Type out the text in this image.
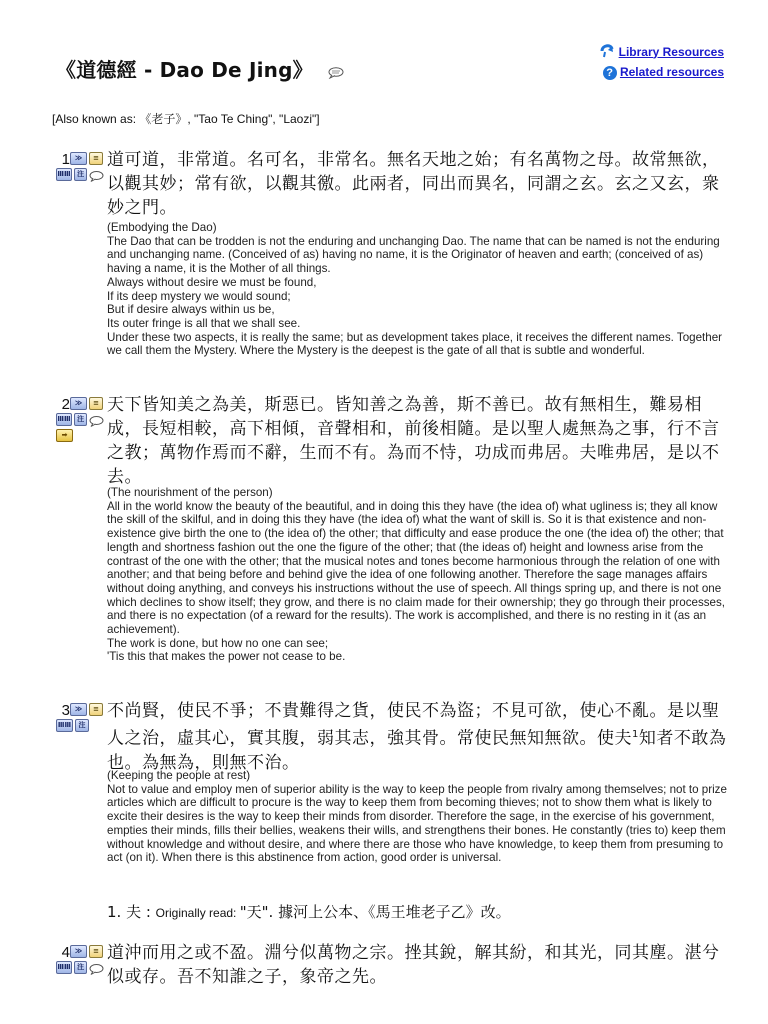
《道德經 - Dao De Jing》
Library Resources
? Related resources
[Also known as: 《老子》, "Tao Te Ching", "Laozi"]
1 ≫	≡
ⅢⅢ 注
道可道，非常道。名可名，非常名。無名天地之始；有名萬物之母。故常無欲，以觀其妙；常有欲，以觀其徼。此兩者，同出而異名，同謂之玄。玄之又玄，衆妙之門。

(Embodying the Dao)

The Dao that can be trodden is not the enduring and unchanging Dao. The name that can be named is not the enduring and unchanging name. (Conceived of as) having no name, it is the Originator of heaven and earth; (conceived of as) having a name, it is the Mother of all things.

Always without desire we must be found,

If its deep mystery we would sound;

But if desire always within us be,

Its outer fringe is all that we shall see.

Under these two aspects, it is really the same; but as development takes place, it receives the different names. Together we call them the Mystery. Where the Mystery is the deepest is the gate of all that is subtle and wonderful.

2 ≫	≡
ⅢⅢ 注
➡
天下皆知美之為美，斯惡已。皆知善之為善，斯不善已。故有無相生，難易相成，長短相較，高下相傾，音聲相和，前後相隨。是以聖人處無為之事，行不言之教；萬物作焉而不辭，生而不有。為而不恃，功成而弗居。夫唯弗居，是以不去。

(The nourishment of the person)

All in the world know the beauty of the beautiful, and in doing this they have (the idea of) what ugliness is; they all know the skill of the skilful, and in doing this they have (the idea of) what the want of skill is. So it is that existence and non-existence give birth the one to (the idea of) the other; that difficulty and ease produce the one (the idea of) the other; that length and shortness fashion out the one the figure of the other; that (the ideas of) height and lowness arise from the contrast of the one with the other; that the musical notes and tones become harmonious through the relation of one with another; and that being before and behind give the idea of one following another. Therefore the sage manages affairs without doing anything, and conveys his instructions without the use of speech. All things spring up, and there is not one which declines to show itself; they grow, and there is no claim made for their ownership; they go through their processes, and there is no expectation (of a reward for the results). The work is accomplished, and there is no resting in it (as an achievement).

The work is done, but how no one can see;

'Tis this that makes the power not cease to be.

3 ≫	≡
ⅢⅢ	注
不尚賢，使民不爭；不貴難得之貨，使民不為盜；不見可欲，使心不亂。是以聖人之治，虛其心，實其腹，弱其志，強其骨。常使民無知無欲。使夫$^1$知者不敢為也。為無為，則無不治。

(Keeping the people at rest)

Not to value and employ men of superior ability is the way to keep the people from rivalry among themselves; not to prize articles which are difficult to procure is the way to keep them from becoming thieves; not to show them what is likely to excite their desires is the way to keep their minds from disorder. Therefore the sage, in the exercise of his government, empties their minds, fills their bellies, weakens their wills, and strengthens their bones. He constantly (tries to) keep them without knowledge and without desire, and where there are those who have knowledge, to keep them from presuming to act (on it). When there is this abstinence from action, good order is universal.

1. 夫 : Originally read: "天". 據河上公本、《馬王堆老子乙》改。
4 ≫	≡
ⅢⅢ 注
道沖而用之或不盈。淵兮似萬物之宗。挫其銳，解其紛，和其光，同其塵。湛兮似或存。吾不知誰之子，象帝之先。
